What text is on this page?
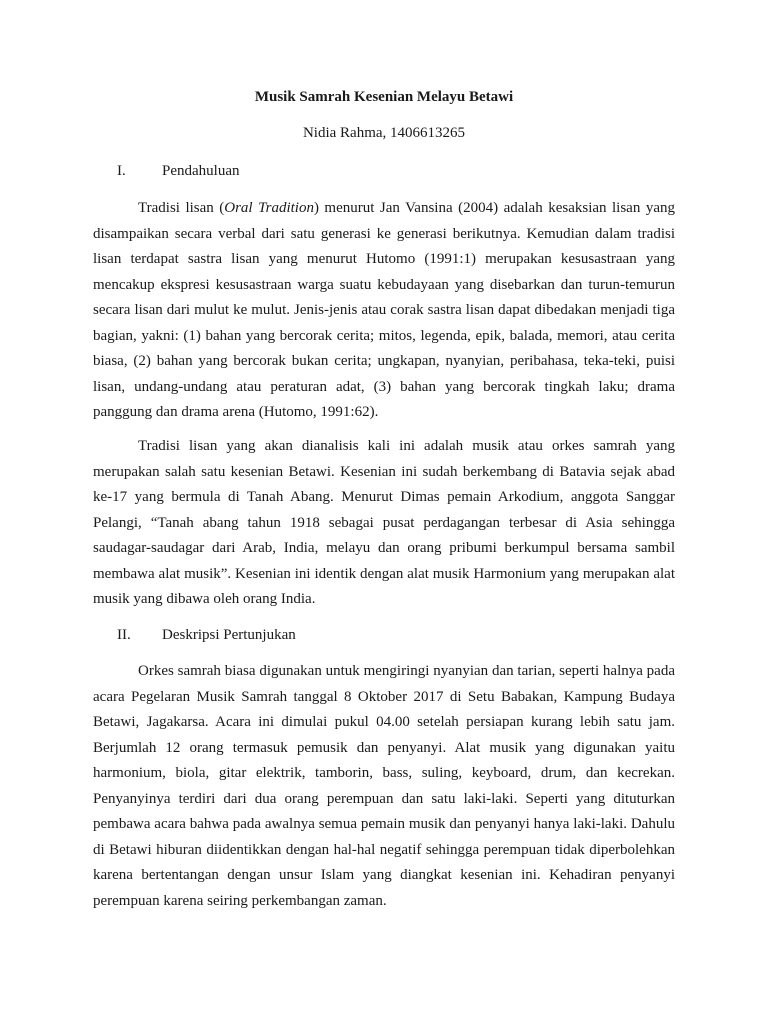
Musik Samrah Kesenian Melayu Betawi
Nidia Rahma, 1406613265
I. Pendahuluan

Tradisi lisan (Oral Tradition) menurut Jan Vansina (2004) adalah kesaksian lisan yang disampaikan secara verbal dari satu generasi ke generasi berikutnya. Kemudian dalam tradisi lisan terdapat sastra lisan yang menurut Hutomo (1991:1) merupakan kesusastraan yang mencakup ekspresi kesusastraan warga suatu kebudayaan yang disebarkan dan turun-temurun secara lisan dari mulut ke mulut. Jenis-jenis atau corak sastra lisan dapat dibedakan menjadi tiga bagian, yakni: (1) bahan yang bercorak cerita; mitos, legenda, epik, balada, memori, atau cerita biasa, (2) bahan yang bercorak bukan cerita; ungkapan, nyanyian, peribahasa, teka-teki, puisi lisan, undang-undang atau peraturan adat, (3) bahan yang bercorak tingkah laku; drama panggung dan drama arena (Hutomo, 1991:62).

Tradisi lisan yang akan dianalisis kali ini adalah musik atau orkes samrah yang merupakan salah satu kesenian Betawi. Kesenian ini sudah berkembang di Batavia sejak abad ke-17 yang bermula di Tanah Abang. Menurut Dimas pemain Arkodium, anggota Sanggar Pelangi, “Tanah abang tahun 1918 sebagai pusat perdagangan terbesar di Asia sehingga saudagar-saudagar dari Arab, India, melayu dan orang pribumi berkumpul bersama sambil membawa alat musik”. Kesenian ini identik dengan alat musik Harmonium yang merupakan alat musik yang dibawa oleh orang India.

II. Deskripsi Pertunjukan

Orkes samrah biasa digunakan untuk mengiringi nyanyian dan tarian, seperti halnya pada acara Pegelaran Musik Samrah tanggal 8 Oktober 2017 di Setu Babakan, Kampung Budaya Betawi, Jagakarsa. Acara ini dimulai pukul 04.00 setelah persiapan kurang lebih satu jam. Berjumlah 12 orang termasuk pemusik dan penyanyi. Alat musik yang digunakan yaitu harmonium, biola, gitar elektrik, tamborin, bass, suling, keyboard, drum, dan kecrekan. Penyanyinya terdiri dari dua orang perempuan dan satu laki-laki. Seperti yang dituturkan pembawa acara bahwa pada awalnya semua pemain musik dan penyanyi hanya laki-laki. Dahulu di Betawi hiburan diidentikkan dengan hal-hal negatif sehingga perempuan tidak diperbolehkan karena bertentangan dengan unsur Islam yang diangkat kesenian ini. Kehadiran penyanyi perempuan karena seiring perkembangan zaman.
